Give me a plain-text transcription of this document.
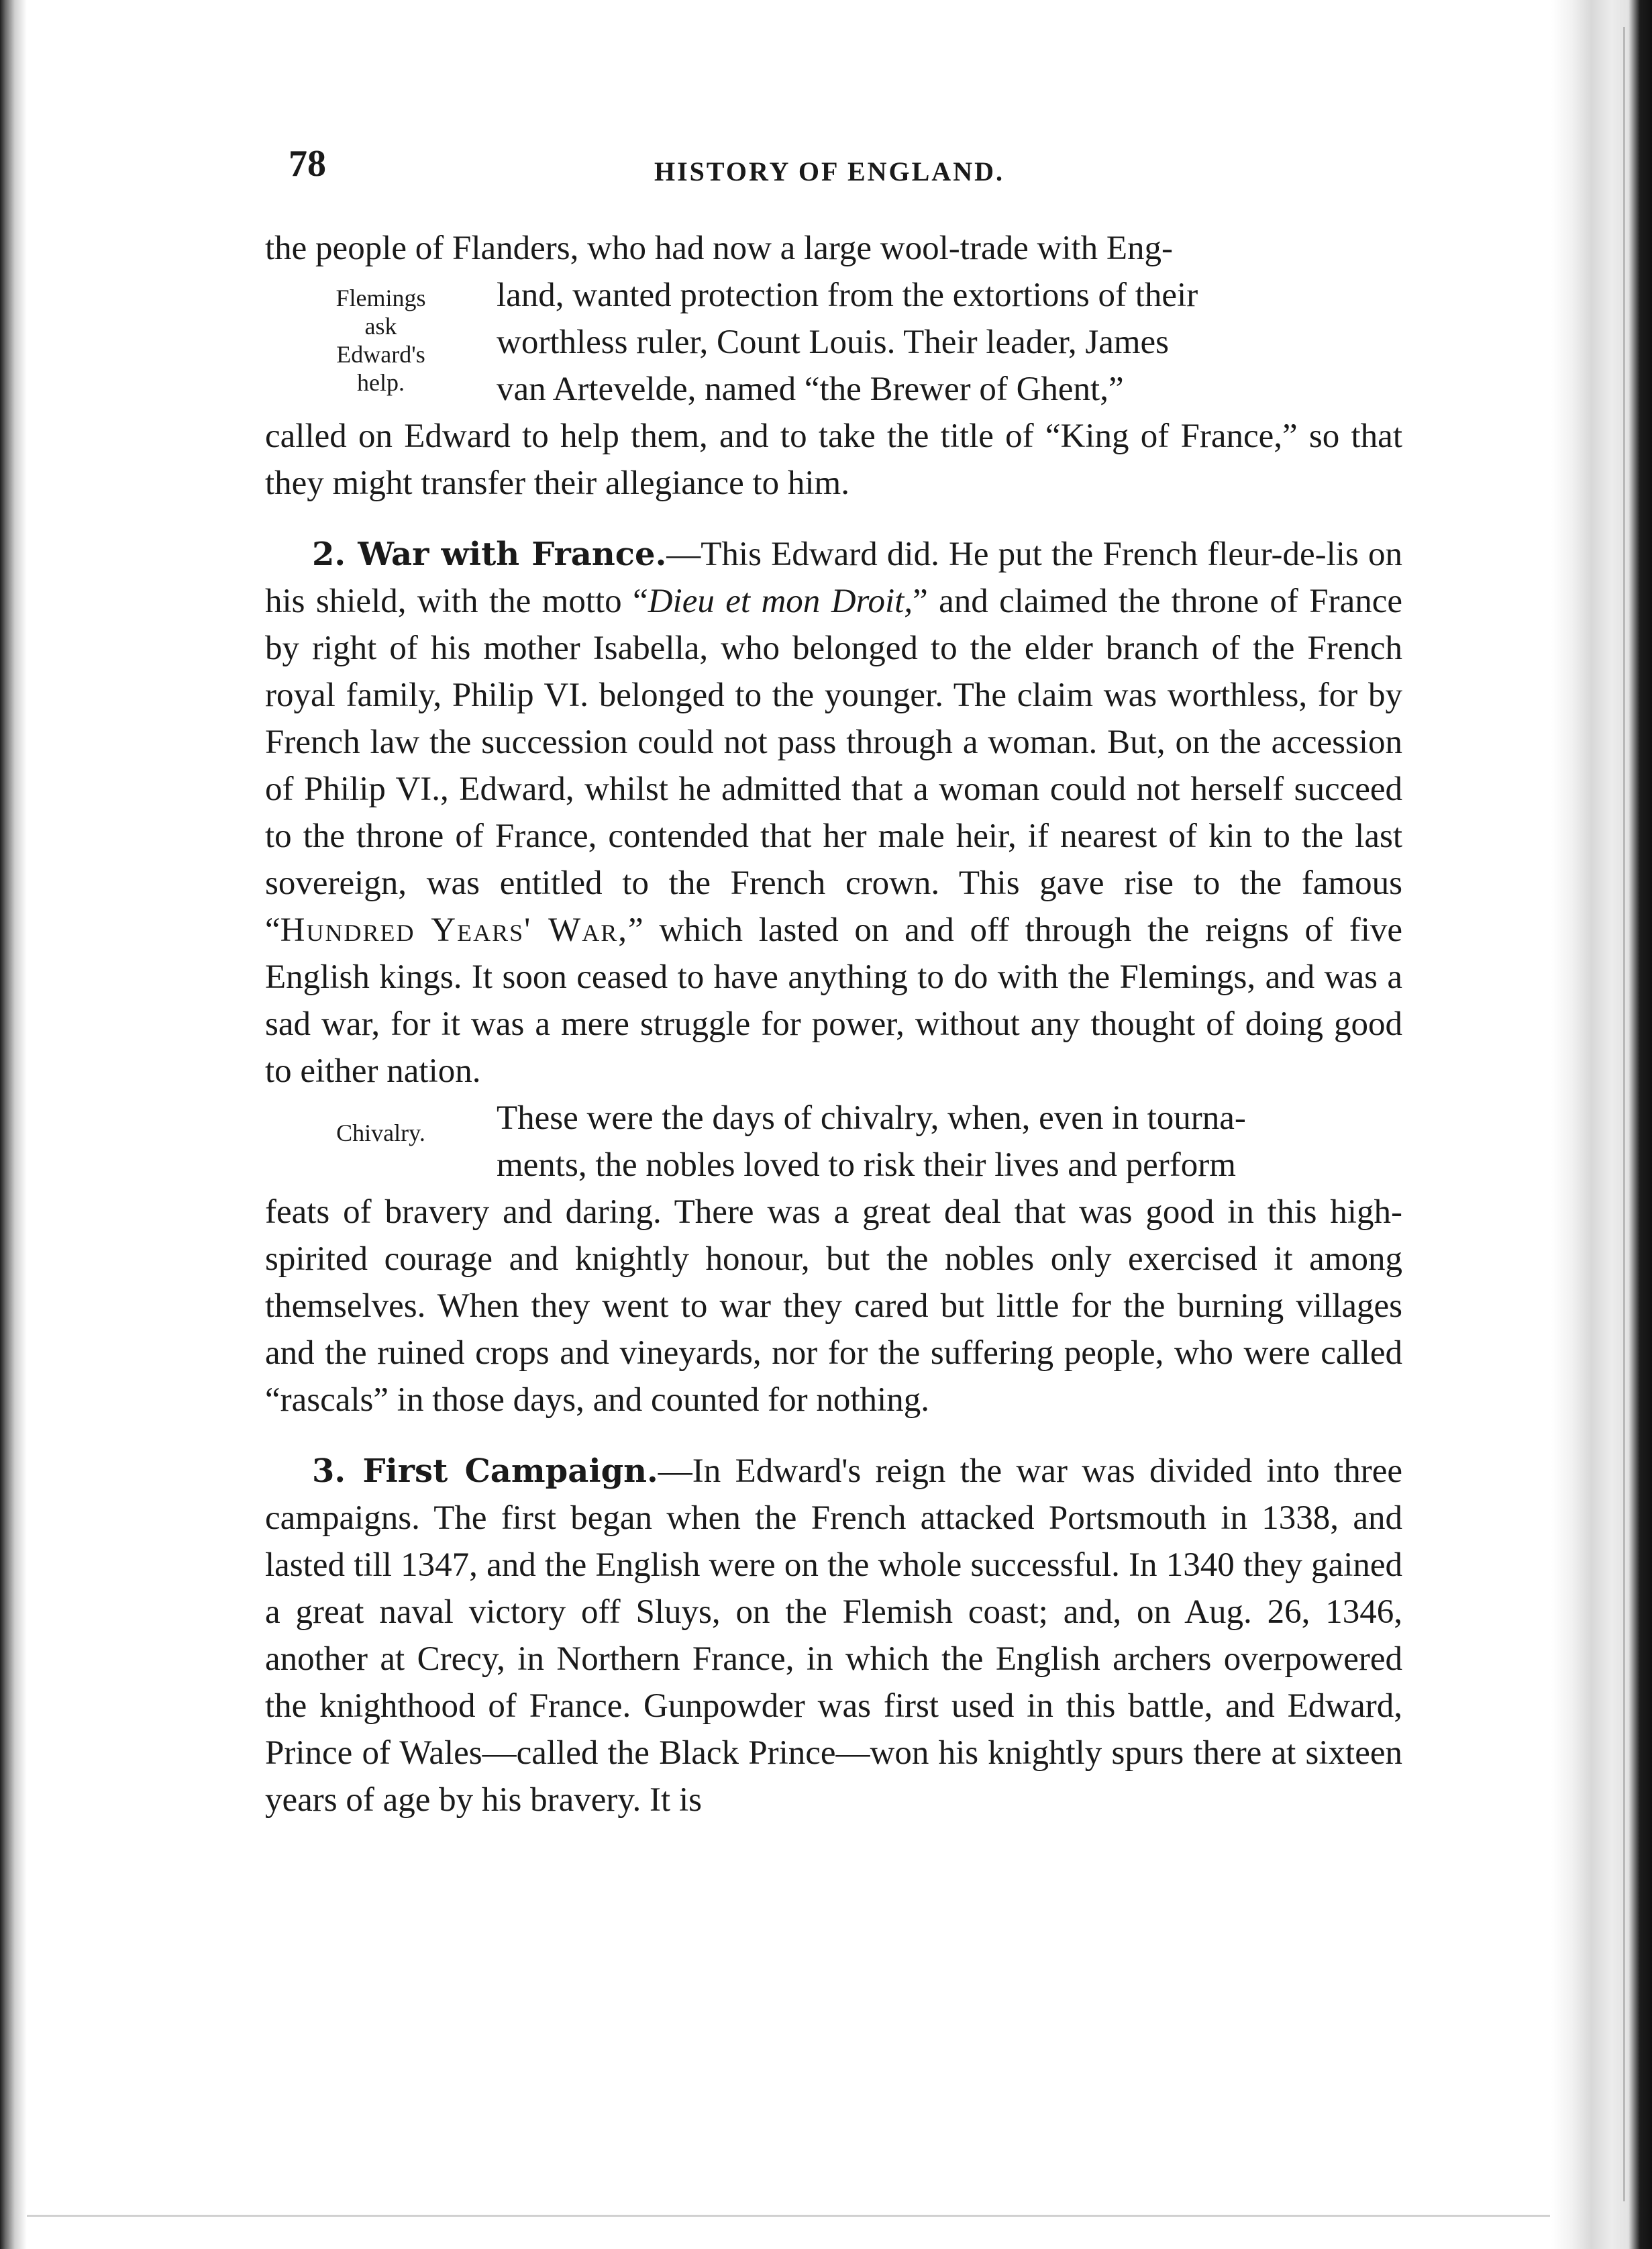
78	HISTORY OF ENGLAND.

the people of Flanders, who had now a large wool-trade with Eng-

Flemings
ask
Edward's
help.

land, wanted protection from the extortions of their

worthless ruler, Count Louis. Their leader, James

van Artevelde, named “the Brewer of Ghent,”

called on Edward to help them, and to take the title of “King of France,” so that they might transfer their allegiance to him.

2. War with France.—This Edward did. He put the French fleur-de-lis on his shield, with the motto “Dieu et mon Droit,” and claimed the throne of France by right of his mother Isabella, who belonged to the elder branch of the French royal family, Philip VI. belonged to the younger. The claim was worthless, for by French law the succession could not pass through a woman. But, on the accession of Philip VI., Edward, whilst he admitted that a woman could not herself succeed to the throne of France, contended that her male heir, if nearest of kin to the last sovereign, was entitled to the French crown. This gave rise to the famous “Hundred Years' War,” which lasted on and off through the reigns of five English kings. It soon ceased to have anything to do with the Flemings, and was a sad war, for it was a mere struggle for power, without any thought of doing good to either nation.

Chivalry.	These were the days of chivalry, when, even in tourna-

ments, the nobles loved to risk their lives and perform

feats of bravery and daring. There was a great deal that was good in this high-spirited courage and knightly honour, but the nobles only exercised it among themselves. When they went to war they cared but little for the burning villages and the ruined crops and vineyards, nor for the suffering people, who were called “rascals” in those days, and counted for nothing.

3. First Campaign.—In Edward's reign the war was divided into three campaigns. The first began when the French attacked Portsmouth in 1338, and lasted till 1347, and the English were on the whole successful. In 1340 they gained a great naval victory off Sluys, on the Flemish coast; and, on Aug. 26, 1346, another at Crecy, in Northern France, in which the English archers overpowered the knighthood of France. Gunpowder was first used in this battle, and Edward, Prince of Wales—called the Black Prince—won his knightly spurs there at sixteen years of age by his bravery. It is
